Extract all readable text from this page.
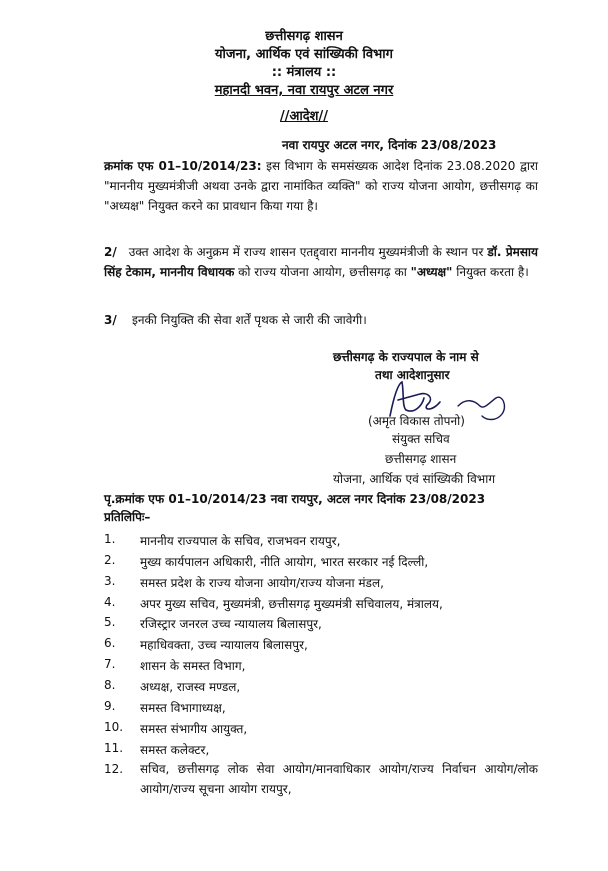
छत्तीसगढ़ शासन
योजना, आर्थिक एवं सांख्यिकी विभाग
:: मंत्रालय ::
महानदी भवन, नवा रायपुर अटल नगर
//आदेश//
नवा रायपुर अटल नगर, दिनांक 23/08/2023
क्रमांक एफ 01–10/2014/23: इस विभाग के समसंख्यक आदेश दिनांक 23.08.2020 द्वारा "माननीय मुख्यमंत्रीजी अथवा उनके द्वारा नामांकित व्यक्ति" को राज्य योजना आयोग, छत्तीसगढ़ का "अध्यक्ष" नियुक्त करने का प्रावधान किया गया है।
2/ उक्त आदेश के अनुक्रम में राज्य शासन एतद्द्वारा माननीय मुख्यमंत्रीजी के स्थान पर डॉ. प्रेमसाय सिंह टेकाम, माननीय विधायक को राज्य योजना आयोग, छत्तीसगढ़ का "अध्यक्ष" नियुक्त करता है।
3/ इनकी नियुक्ति की सेवा शर्तें पृथक से जारी की जावेगी।
छत्तीसगढ़ के राज्यपाल के नाम से
तथा आदेशानुसार
(अमृत विकास तोपनो)
संयुक्त सचिव
छत्तीसगढ़ शासन
योजना, आर्थिक एवं सांख्यिकी विभाग
पृ.क्रमांक एफ 01–10/2014/23 नवा रायपुर, अटल नगर दिनांक 23/08/2023
प्रतिलिपिः–
1. माननीय राज्यपाल के सचिव, राजभवन रायपुर,
2. मुख्य कार्यपालन अधिकारी, नीति आयोग, भारत सरकार नई दिल्ली,
3. समस्त प्रदेश के राज्य योजना आयोग/राज्य योजना मंडल,
4. अपर मुख्य सचिव, मुख्यमंत्री, छत्तीसगढ़ मुख्यमंत्री सचिवालय, मंत्रालय,
5. रजिस्ट्रार जनरल उच्च न्यायालय बिलासपुर,
6. महाधिवक्ता, उच्च न्यायालय बिलासपुर,
7. शासन के समस्त विभाग,
8. अध्यक्ष, राजस्व मण्डल,
9. समस्त विभागाध्यक्ष,
10. समस्त संभागीय आयुक्त,
11. समस्त कलेक्टर,
12. सचिव, छत्तीसगढ़ लोक सेवा आयोग/मानवाधिकार आयोग/राज्य निर्वाचन आयोग/लोक आयोग/राज्य सूचना आयोग रायपुर,
